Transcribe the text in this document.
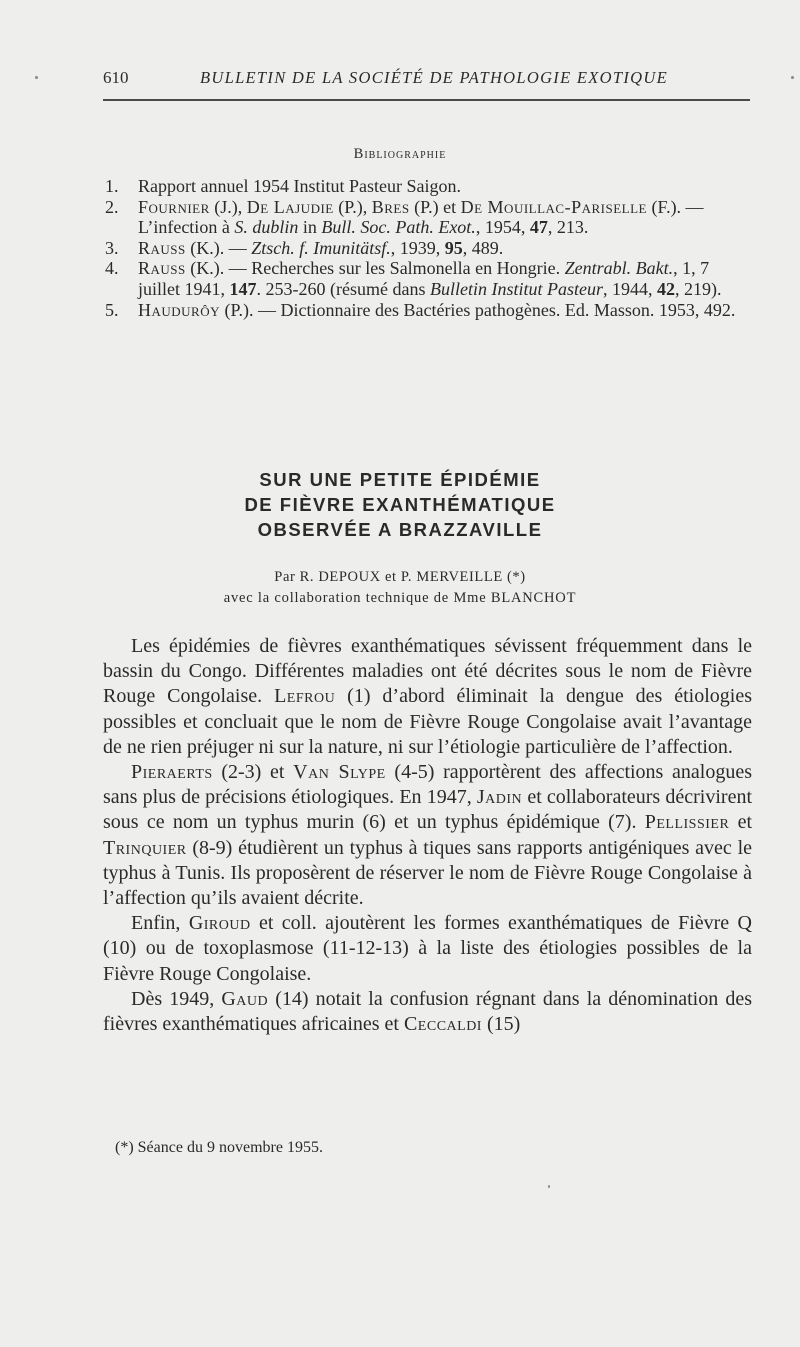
610	BULLETIN DE LA SOCIÉTÉ DE PATHOLOGIE EXOTIQUE
Bibliographie
1. Rapport annuel 1954 Institut Pasteur Saigon.
2. Fournier (J.), De Lajudie (P.), Bres (P.) et De Mouillac-Pariselle (F.). — L’infection à S. dublin in Bull. Soc. Path. Exot., 1954, 47, 213.
3. Rauss (K.). — Ztsch. f. Imunitätsf., 1939, 95, 489.
4. Rauss (K.). — Recherches sur les Salmonella en Hongrie. Zentrabl. Bakt., 1, 7 juillet 1941, 147. 253-260 (résumé dans Bulletin Institut Pasteur, 1944, 42, 219).
5. Haudurôy (P.). — Dictionnaire des Bactéries pathogènes. Ed. Masson. 1953, 492.
SUR UNE PETITE ÉPIDÉMIE
DE FIÈVRE EXANTHÉMATIQUE
OBSERVÉE A BRAZZAVILLE
Par R. DEPOUX et P. MERVEILLE (*)
avec la collaboration technique de Mme BLANCHOT

Les épidémies de fièvres exanthématiques sévissent fréquemment dans le bassin du Congo. Différentes maladies ont été décrites sous le nom de Fièvre Rouge Congolaise. Lefrou (1) d’abord éliminait la dengue des étiologies possibles et concluait que le nom de Fièvre Rouge Congolaise avait l’avantage de ne rien préjuger ni sur la nature, ni sur l’étiologie particulière de l’affection.

Pieraerts (2-3) et Van Slype (4-5) rapportèrent des affections analogues sans plus de précisions étiologiques. En 1947, Jadin et collaborateurs décrivirent sous ce nom un typhus murin (6) et un typhus épidémique (7). Pellissier et Trinquier (8-9) étudièrent un typhus à tiques sans rapports antigéniques avec le typhus à Tunis. Ils proposèrent de réserver le nom de Fièvre Rouge Congolaise à l’affection qu’ils avaient décrite.

Enfin, Giroud et coll. ajoutèrent les formes exanthématiques de Fièvre Q (10) ou de toxoplasmose (11-12-13) à la liste des étiologies possibles de la Fièvre Rouge Congolaise.

Dès 1949, Gaud (14) notait la confusion régnant dans la dénomination des fièvres exanthématiques africaines et Ceccaldi (15)

(*) Séance du 9 novembre 1955.
